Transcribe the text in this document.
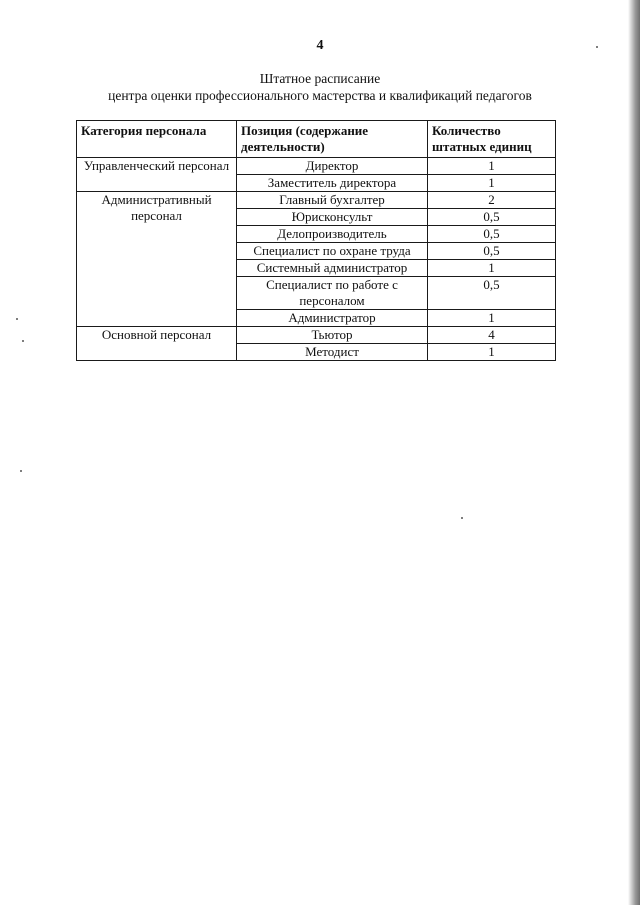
4
Штатное расписание
центра оценки профессионального мастерства и квалификаций педагогов
Категория персонала	Позиция (содержание деятельности)	Количество штатных единиц
Управленческий персонал	Директор	1
	Заместитель директора	1
Административный персонал	Главный бухгалтер	2
	Юрисконсульт	0,5
	Делопроизводитель	0,5
	Специалист по охране труда	0,5
	Системный администратор	1
	Специалист по работе с персоналом	0,5
	Администратор	1
Основной персонал	Тьютор	4
	Методист	1
